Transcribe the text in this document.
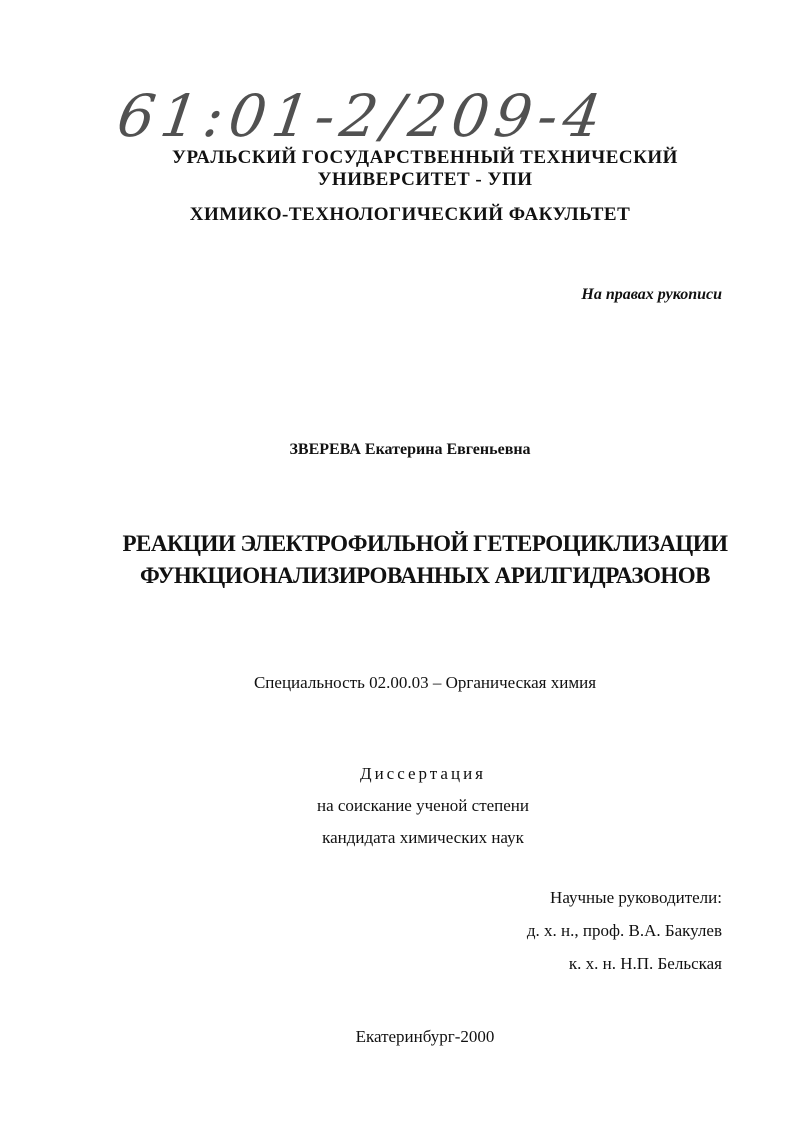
61:01-2/209-4
УРАЛЬСКИЙ ГОСУДАРСТВЕННЫЙ ТЕХНИЧЕСКИЙ
УНИВЕРСИТЕТ - УПИ
ХИМИКО-ТЕХНОЛОГИЧЕСКИЙ ФАКУЛЬТЕТ
На правах рукописи
ЗВЕРЕВА Екатерина Евгеньевна
РЕАКЦИИ ЭЛЕКТРОФИЛЬНОЙ ГЕТЕРОЦИКЛИЗАЦИИ
ФУНКЦИОНАЛИЗИРОВАННЫХ АРИЛГИДРАЗОНОВ
Специальность 02.00.03 – Органическая химия
Диссертация
на соискание ученой степени
кандидата химических наук
Научные руководители:
д. х. н., проф. В.А. Бакулев
к. х. н. Н.П. Бельская
Екатеринбург-2000
